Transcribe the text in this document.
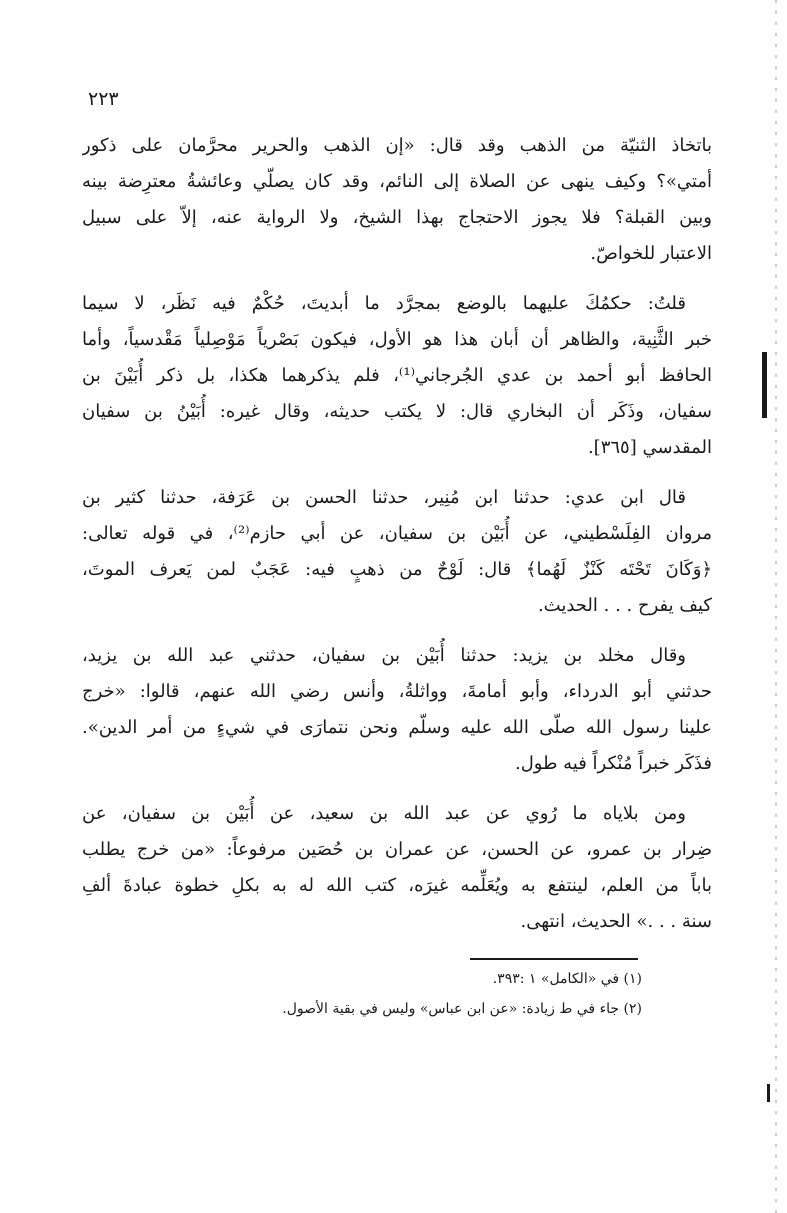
٢٢٣
باتخاذ الثنيّة من الذهب وقد قال: «إن الذهب والحرير محرَّمان على ذكور
أمتي»؟ وكيف ينهى عن الصلاة إلى النائم، وقد كان يصلّي وعائشةُ معترِضة بينه
وبين القبلة؟ فلا يجوز الاحتجاج بهذا الشيخ، ولا الرواية عنه، إلاّ على سبيل
الاعتبار للخواصّ.
قلتُ: حكمُكَ عليهما بالوضع بمجرَّد ما أبديتَ، حُكْمٌ فيه نَظَر، لا سيما
خبر الثَّنِية، والظاهر أن أبان هذا هو الأول، فيكون بَصْرياً مَوْصِلياً مَقْدسياً، وأما
الحافظ أبو أحمد بن عدي الجُرجاني⁽¹⁾، فلم يذكرهما هكذا، بل ذكر أُبَيْنَ بن
سفيان، وذَكَر أن البخاري قال: لا يكتب حديثه، وقال غيره: أُبَيْنُ بن سفيان
المقدسي [٣٦٥].
قال ابن عدي: حدثنا ابن مُنِير، حدثنا الحسن بن عَرَفة، حدثنا كثير بن
مروان الفِلَسْطيني، عن أُبَيْن بن سفيان، عن أبي حازم⁽²⁾، في قوله تعالى:
﴿وَكَانَ تَحْتَه كَنْزٌ لَهُما﴾ قال: لَوْحٌ من ذهبٍ فيه: عَجَبٌ لمن يَعرف الموتَ،
كيف يفرح . . . الحديث.
وقال مخلد بن يزيد: حدثنا أُبَيْن بن سفيان، حدثني عبد الله بن يزيد،
حدثني أبو الدرداء، وأبو أمامةَ، وواثلةُ، وأنس رضي الله عنهم، قالوا: «خرج
علينا رسول الله صلّى الله عليه وسلّم ونحن نتمارَى في شيءٍ من أمر الدين».
فذَكَر خبراً مُنْكراً فيه طول.
ومن بلاياه ما رُوي عن عبد الله بن سعيد، عن أُبَيْن بن سفيان، عن
ضِرار بن عمرو، عن الحسن، عن عمران بن حُصَين مرفوعاً: «من خرج يطلب
باباً من العلم، لينتفع به ويُعَلِّمه غيرَه، كتب الله له به بكلِ خطوة عبادةَ ألفِ
سنة . . .» الحديث، انتهى.
(١) في «الكامل» ١ :٣٩٣.
(٢) جاء في ط زيادة: «عن ابن عباس» وليس في بقية الأصول.
